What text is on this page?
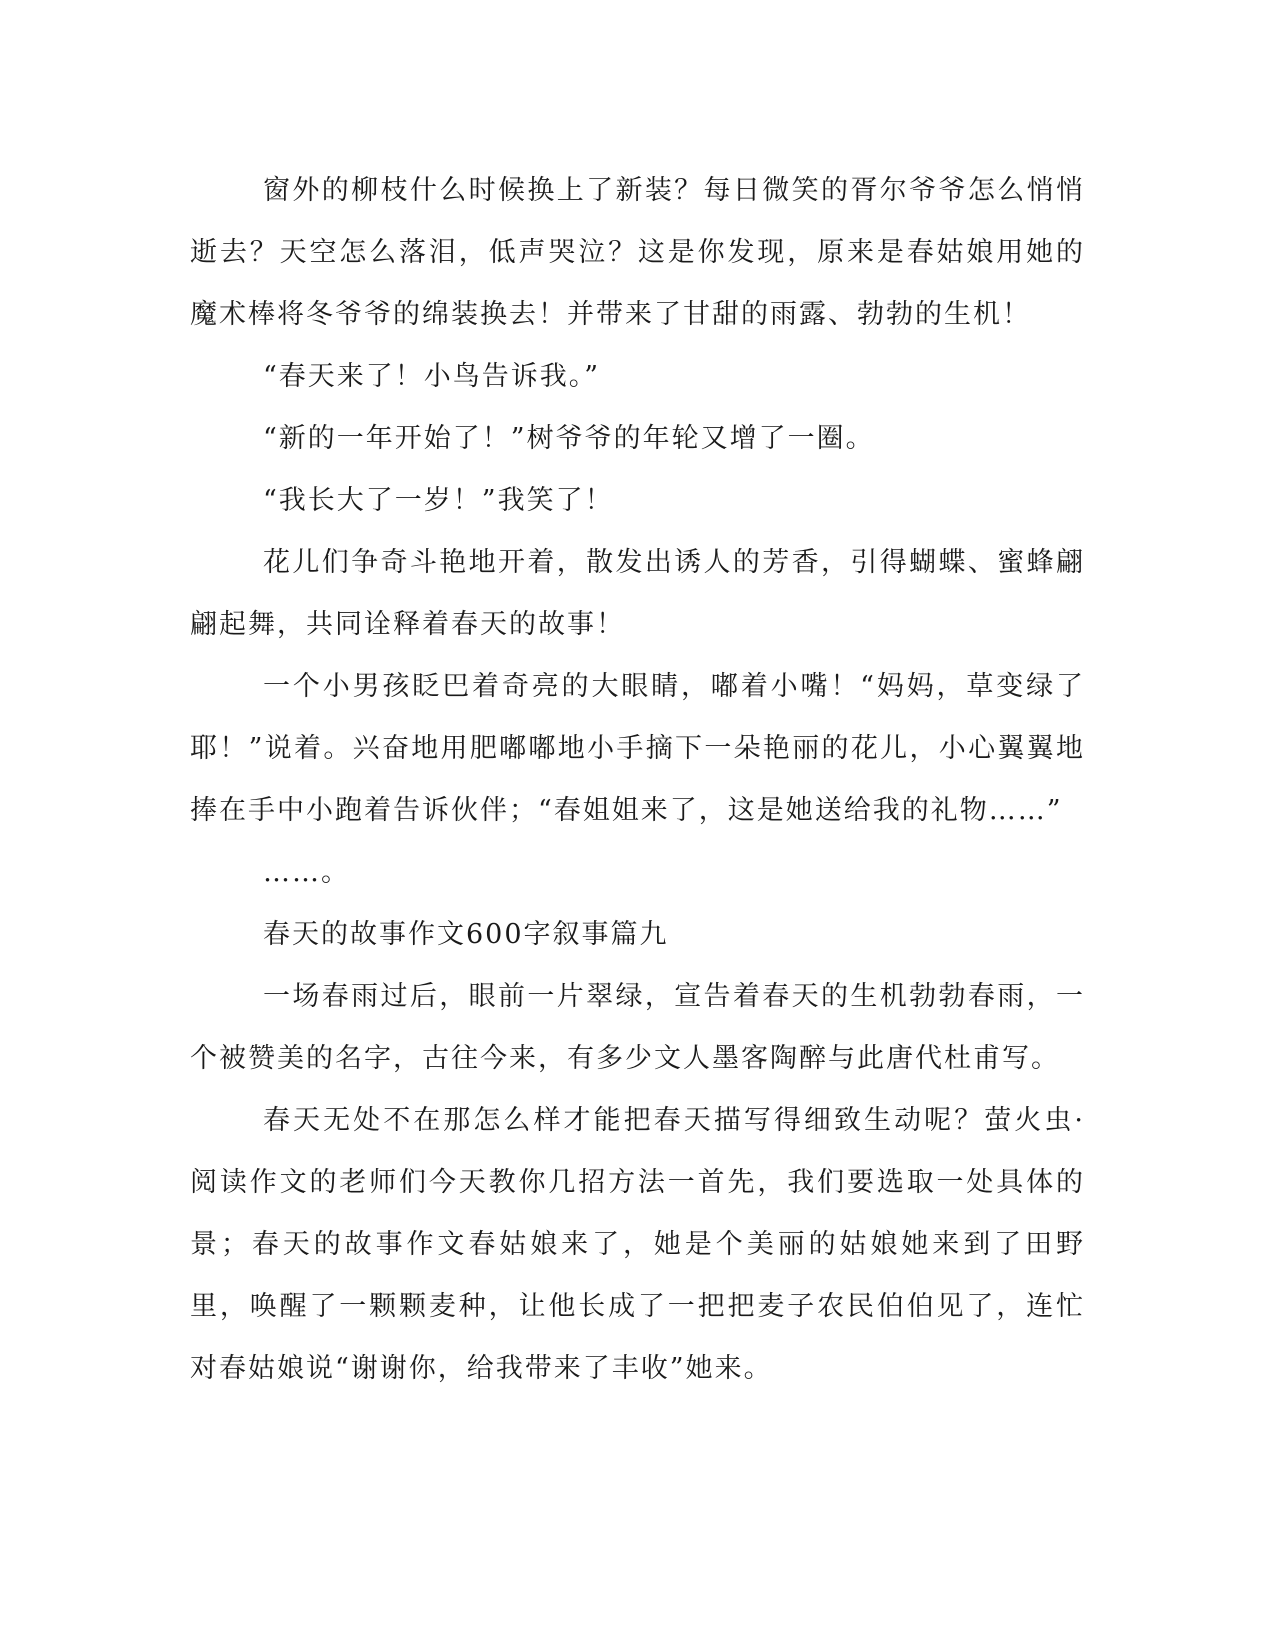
窗外的柳枝什么时候换上了新装？每日微笑的胥尔爷爷怎么悄悄逝去？天空怎么落泪，低声哭泣？这是你发现，原来是春姑娘用她的魔术棒将冬爷爷的绵装换去！并带来了甘甜的雨露、勃勃的生机！

“春天来了！小鸟告诉我。”

“新的一年开始了！”树爷爷的年轮又增了一圈。

“我长大了一岁！”我笑了！

花儿们争奇斗艳地开着，散发出诱人的芳香，引得蝴蝶、蜜蜂翩翩起舞，共同诠释着春天的故事！

一个小男孩眨巴着奇亮的大眼睛，嘟着小嘴！“妈妈，草变绿了耶！”说着。兴奋地用肥嘟嘟地小手摘下一朵艳丽的花儿，小心翼翼地捧在手中小跑着告诉伙伴；“春姐姐来了，这是她送给我的礼物……”

……。

春天的故事作文600字叙事篇九

一场春雨过后，眼前一片翠绿，宣告着春天的生机勃勃春雨，一个被赞美的名字，古往今来，有多少文人墨客陶醉与此唐代杜甫写。

春天无处不在那怎么样才能把春天描写得细致生动呢？萤火虫·阅读作文的老师们今天教你几招方法一首先，我们要选取一处具体的景；春天的故事作文春姑娘来了，她是个美丽的姑娘她来到了田野里，唤醒了一颗颗麦种，让他长成了一把把麦子农民伯伯见了，连忙对春姑娘说“谢谢你，给我带来了丰收”她来。
